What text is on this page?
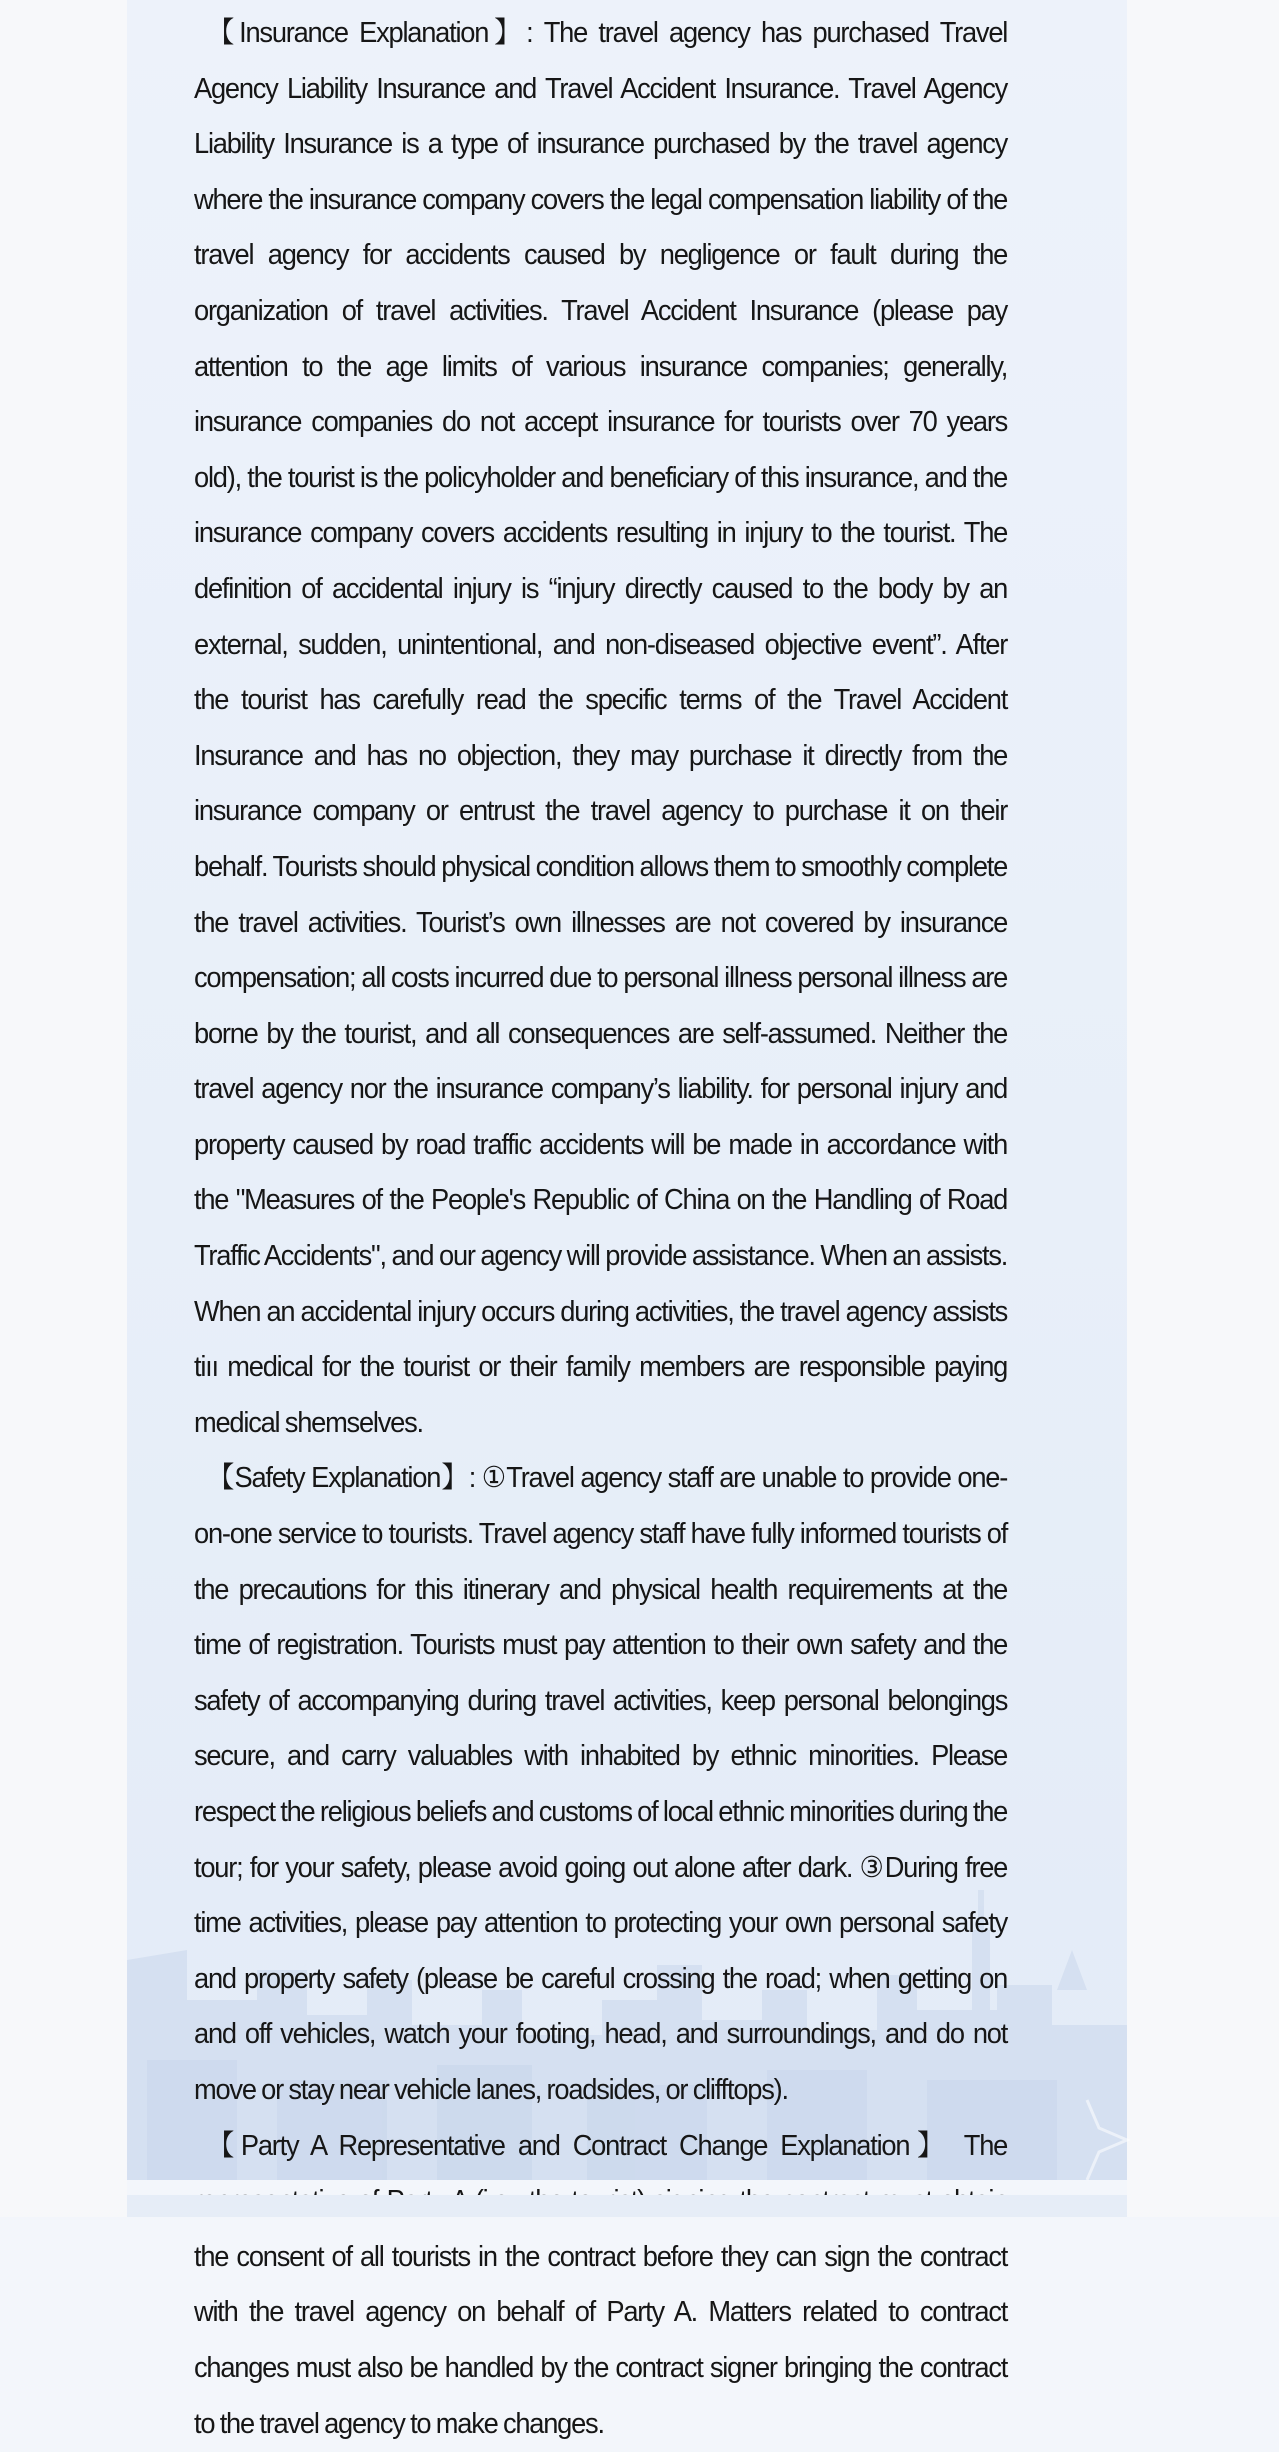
【Insurance Explanation】: The travel agency has purchased Travel Agency Liability Insurance and Travel Accident Insurance. Travel Agency Liability Insurance is a type of insurance purchased by the travel agency where the insurance company covers the legal compensation liability of the travel agency for accidents caused by negligence or fault during the organization of travel activities. Travel Accident Insurance (please pay attention to the age limits of various insurance companies; generally, insurance companies do not accept insurance for tourists over 70 years old), the tourist is the policyholder and beneficiary of this insurance, and the insurance company covers accidents resulting in injury to the tourist. The definition of accidental injury is “injury directly caused to the body by an external, sudden, unintentional, and non-diseased objective event”. After the tourist has carefully read the specific terms of the Travel Accident Insurance and has no objection, they may purchase it directly from the insurance company or entrust the travel agency to purchase it on their behalf. Tourists should physical condition allows them to smoothly complete the travel activities. Tourist’s own illnesses are not covered by insurance compensation; all costs incurred due to personal illness personal illness are borne by the tourist, and all consequences are self-assumed. Neither the travel agency nor the insurance company’s liability. for personal injury and property caused by road traffic accidents will be made in accordance with the "Measures of the People's Republic of China on the Handling of Road Traffic Accidents", and our agency will provide assistance. When an assists. When an accidental injury occurs during activities, the travel agency assists tiıı medical for the tourist or their family members are responsible paying medical shemselves.

【Safety Explanation】: ①Travel agency staff are unable to provide one-on-one service to tourists. Travel agency staff have fully informed tourists of the precautions for this itinerary and physical health requirements at the time of registration. Tourists must pay attention to their own safety and the safety of accompanying during travel activities, keep personal belongings secure, and carry valuables with inhabited by ethnic minorities. Please respect the religious beliefs and customs of local ethnic minorities during the tour; for your safety, please avoid going out alone after dark. ③During free time activities, please pay attention to protecting your own personal safety and property safety (please be careful crossing the road; when getting on and off vehicles, watch your footing, head, and surroundings, and do not move or stay near vehicle lanes, roadsides, or clifftops).

【Party A Representative and Contract Change Explanation】 The the consent of all tourists in the contract before they can sign the contract with the travel agency on behalf of Party A. Matters related to contract changes must also be handled by the contract signer bringing the contract to the travel agency to make changes.
